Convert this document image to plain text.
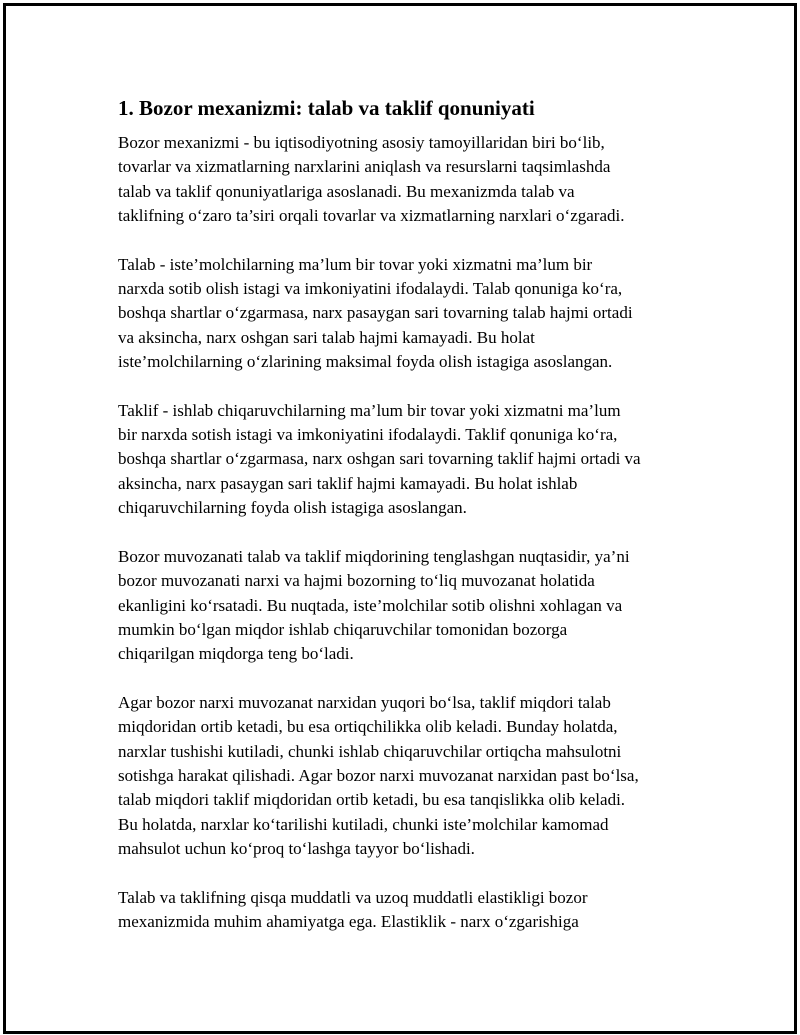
1. Bozor mexanizmi: talab va taklif qonuniyati
Bozor mexanizmi - bu iqtisodiyotning asosiy tamoyillaridan biri bo‘lib,
tovarlar va xizmatlarning narxlarini aniqlash va resurslarni taqsimlashda
talab va taklif qonuniyatlariga asoslanadi. Bu mexanizmda talab va
taklifning o‘zaro ta’siri orqali tovarlar va xizmatlarning narxlari o‘zgaradi.
Talab - iste’molchilarning ma’lum bir tovar yoki xizmatni ma’lum bir
narxda sotib olish istagi va imkoniyatini ifodalaydi. Talab qonuniga ko‘ra,
boshqa shartlar o‘zgarmasa, narx pasaygan sari tovarning talab hajmi ortadi
va aksincha, narx oshgan sari talab hajmi kamayadi. Bu holat
iste’molchilarning o‘zlarining maksimal foyda olish istagiga asoslangan.
Taklif - ishlab chiqaruvchilarning ma’lum bir tovar yoki xizmatni ma’lum
bir narxda sotish istagi va imkoniyatini ifodalaydi. Taklif qonuniga ko‘ra,
boshqa shartlar o‘zgarmasa, narx oshgan sari tovarning taklif hajmi ortadi va
aksincha, narx pasaygan sari taklif hajmi kamayadi. Bu holat ishlab
chiqaruvchilarning foyda olish istagiga asoslangan.
Bozor muvozanati talab va taklif miqdorining tenglashgan nuqtasidir, ya’ni
bozor muvozanati narxi va hajmi bozorning to‘liq muvozanat holatida
ekanligini ko‘rsatadi. Bu nuqtada, iste’molchilar sotib olishni xohlagan va
mumkin bo‘lgan miqdor ishlab chiqaruvchilar tomonidan bozorga
chiqarilgan miqdorga teng bo‘ladi.
Agar bozor narxi muvozanat narxidan yuqori bo‘lsa, taklif miqdori talab
miqdoridan ortib ketadi, bu esa ortiqchilikka olib keladi. Bunday holatda,
narxlar tushishi kutiladi, chunki ishlab chiqaruvchilar ortiqcha mahsulotni
sotishga harakat qilishadi. Agar bozor narxi muvozanat narxidan past bo‘lsa,
talab miqdori taklif miqdoridan ortib ketadi, bu esa tanqislikka olib keladi.
Bu holatda, narxlar ko‘tarilishi kutiladi, chunki iste’molchilar kamomad
mahsulot uchun ko‘proq to‘lashga tayyor bo‘lishadi.
Talab va taklifning qisqa muddatli va uzoq muddatli elastikligi bozor
mexanizmida muhim ahamiyatga ega. Elastiklik - narx o‘zgarishiga
